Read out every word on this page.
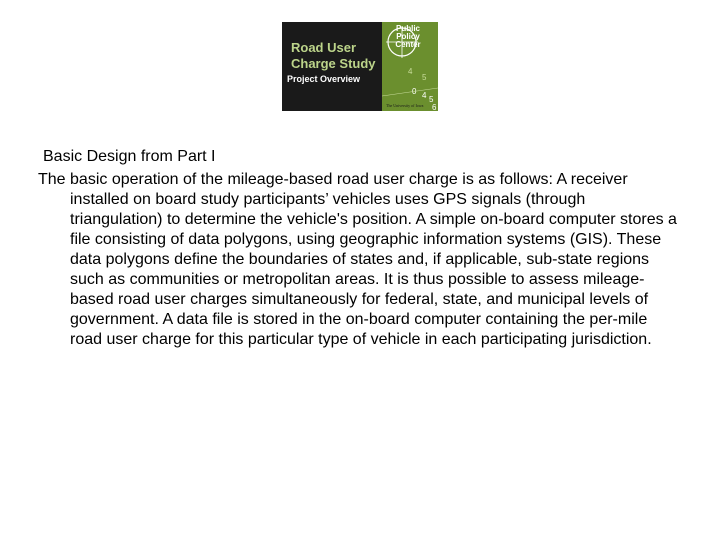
4
5
4 5
6
Public
Policy
Center
Road User
Charge Study
Project Overview
The University of Iowa
Basic Design from Part I
The basic operation of the mileage-based road user charge is as follows: A receiver installed on board study participants’ vehicles uses GPS signals (through triangulation) to determine the vehicle's position. A simple on-board computer stores a file consisting of data polygons, using geographic information systems (GIS). These data polygons define the boundaries of states and, if applicable, sub-state regions such as communities or metropolitan areas. It is thus possible to assess mileage-based road user charges simultaneously for federal, state, and municipal levels of government. A data file is stored in the on-board computer containing the per-mile road user charge for this particular type of vehicle in each participating jurisdiction.
